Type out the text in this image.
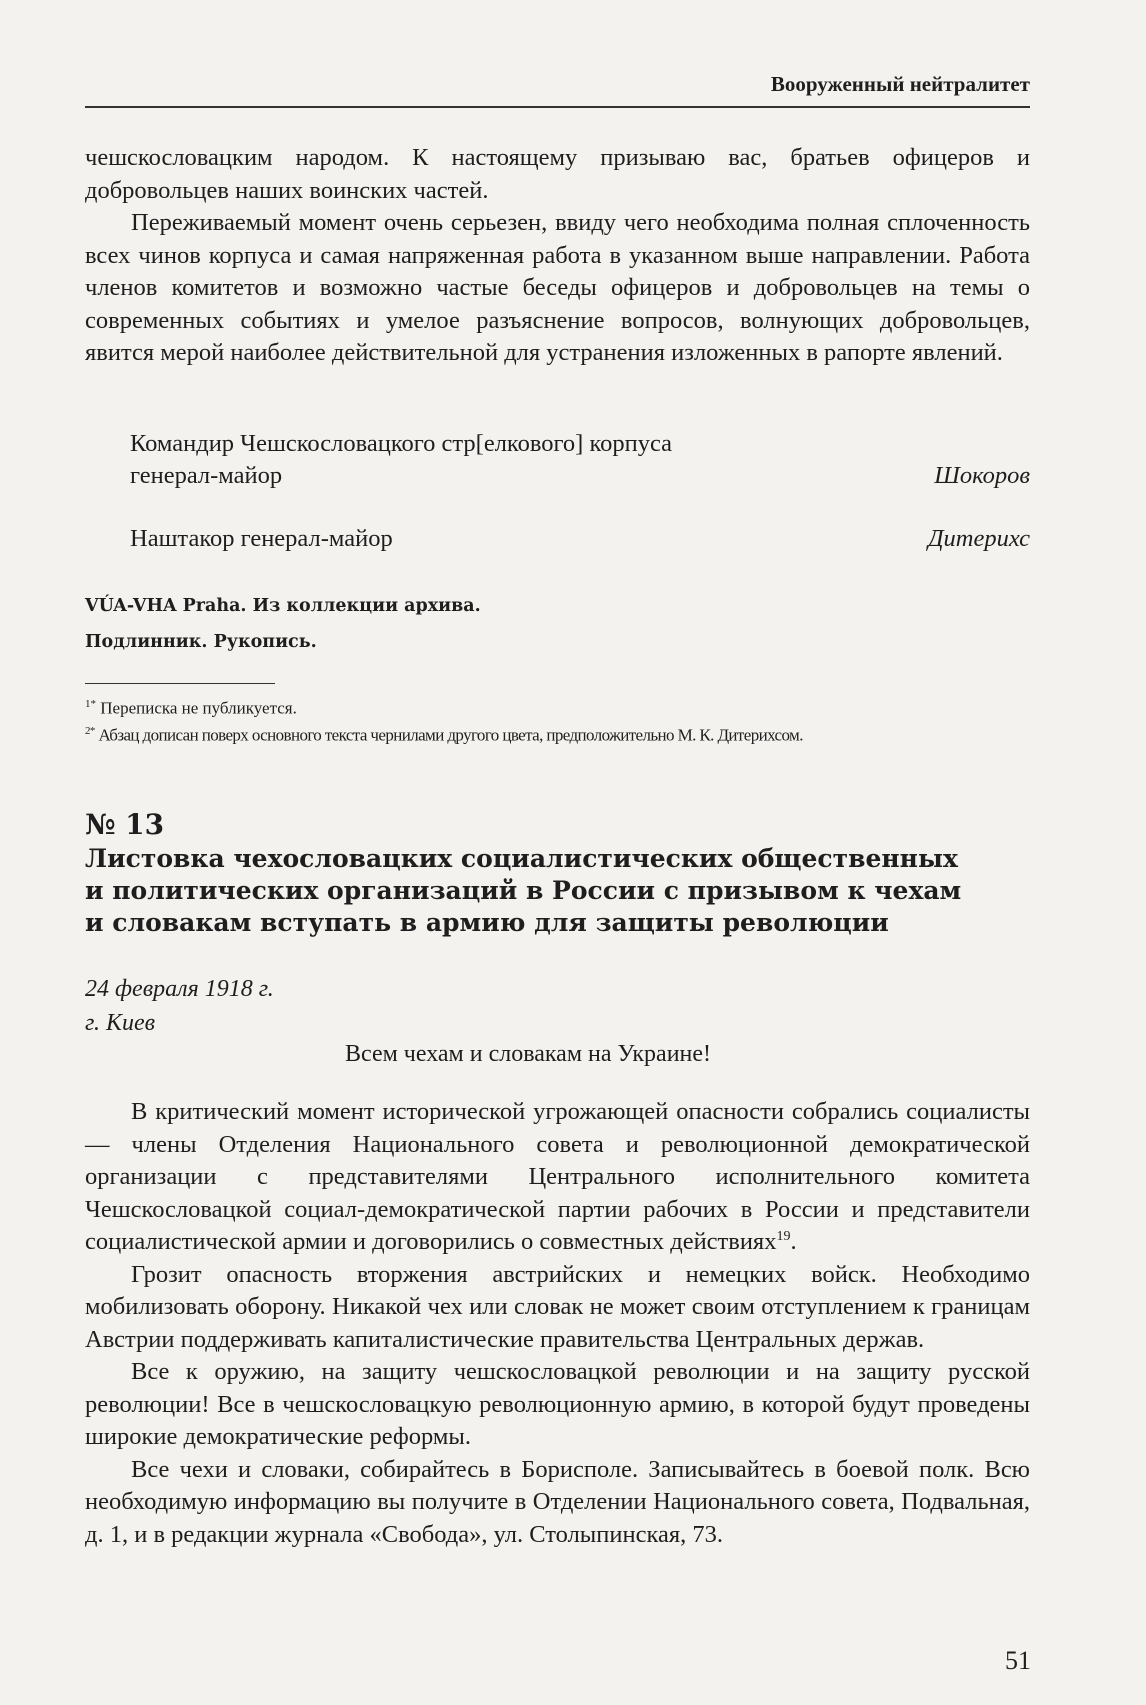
Вооруженный нейтралитет

чешскословацким народом. К настоящему призываю вас, братьев офицеров и добровольцев наших воинских частей.

Переживаемый момент очень серьезен, ввиду чего необходима полная сплоченность всех чинов корпуса и самая напряженная работа в указанном выше направлении. Работа членов комитетов и возможно частые беседы офицеров и добровольцев на темы о современных событиях и умелое разъяснение вопросов, волнующих добровольцев, явится мерой наиболее действительной для устранения изложенных в рапорте явлений.

Командир Чешскословацкого стр[елкового] корпуса
генерал-майор	Шокоров
Наштакор генерал-майор	Дитерихс
VÚA-VHA Praha. Из коллекции архива.
Подлинник. Рукопись.
$^{1*}$ Переписка не публикуется.
$^{2*}$ Абзац дописан поверх основного текста чернилами другого цвета, предположительно М. К. Дитерихсом.
№ 13
Листовка чехословацких социалистических общественных и политических организаций в России с призывом к чехам и словакам вступать в армию для защиты революции
24 февраля 1918 г.
г. Киев
Всем чехам и словакам на Украине!

В критический момент исторической угрожающей опасности собрались социалисты — члены Отделения Национального совета и революционной демократической организации с представителями Центрального исполнительного комитета Чешскословацкой социал-демократической партии рабочих в России и представители социалистической армии и договорились о совместных действиях$^{19}$.

Грозит опасность вторжения австрийских и немецких войск. Необходимо мобилизовать оборону. Никакой чех или словак не может своим отступлением к границам Австрии поддерживать капиталистические правительства Центральных держав.

Все к оружию, на защиту чешскословацкой революции и на защиту русской революции! Все в чешскословацкую революционную армию, в которой будут проведены широкие демократические реформы.

Все чехи и словаки, собирайтесь в Борисполе. Записывайтесь в боевой полк. Всю необходимую информацию вы получите в Отделении Национального совета, Подвальная, д. 1, и в редакции журнала «Свобода», ул. Столыпинская, 73.

51
